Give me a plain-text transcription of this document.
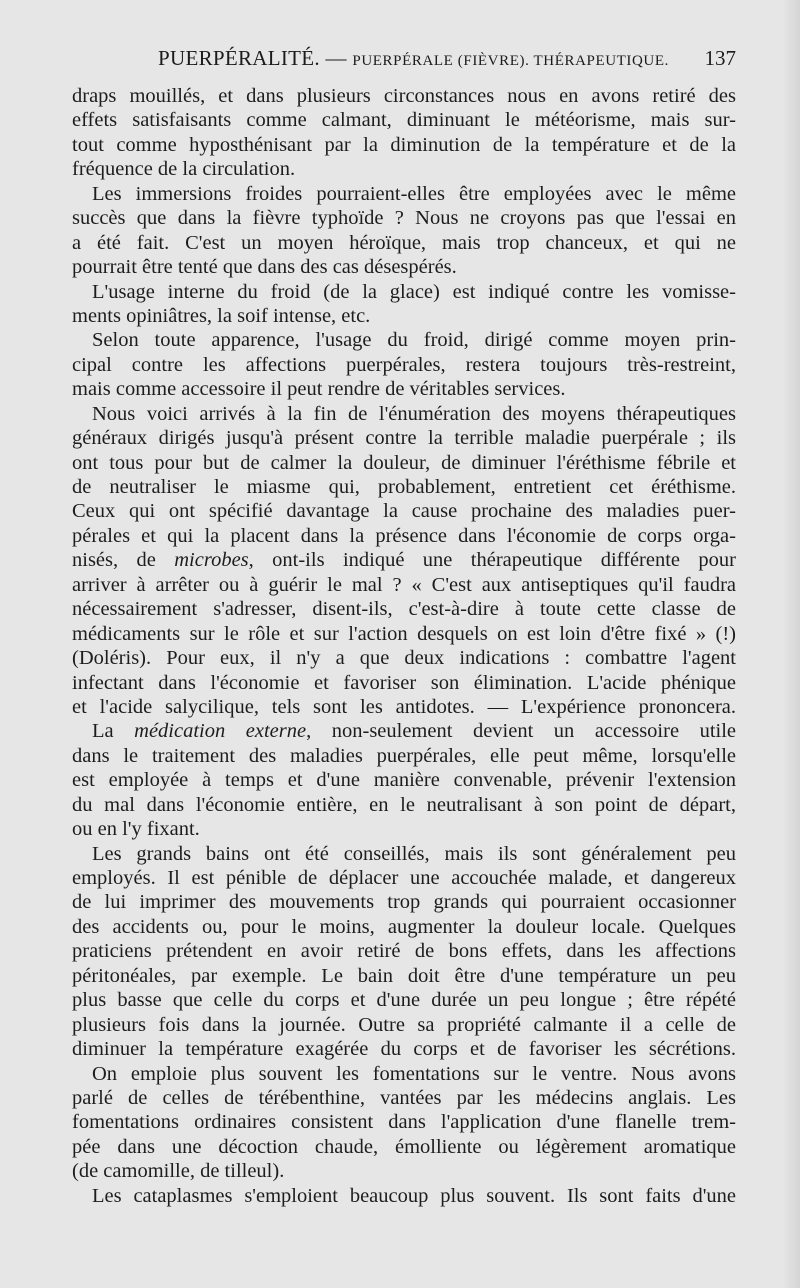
PUERPÉRALITÉ. — PUERPÉRALE (FIÈVRE). THÉRAPEUTIQUE. 137
draps mouillés, et dans plusieurs circonstances nous en avons retiré des
effets satisfaisants comme calmant, diminuant le météorisme, mais sur-
tout comme hyposthénisant par la diminution de la température et de la
fréquence de la circulation.
Les immersions froides pourraient-elles être employées avec le même
succès que dans la fièvre typhoïde ? Nous ne croyons pas que l'essai en
a été fait. C'est un moyen héroïque, mais trop chanceux, et qui ne
pourrait être tenté que dans des cas désespérés.
L'usage interne du froid (de la glace) est indiqué contre les vomisse-
ments opiniâtres, la soif intense, etc.
Selon toute apparence, l'usage du froid, dirigé comme moyen prin-
cipal contre les affections puerpérales, restera toujours très-restreint,
mais comme accessoire il peut rendre de véritables services.
Nous voici arrivés à la fin de l'énumération des moyens thérapeutiques
généraux dirigés jusqu'à présent contre la terrible maladie puerpérale ; ils
ont tous pour but de calmer la douleur, de diminuer l'éréthisme fébrile et
de neutraliser le miasme qui, probablement, entretient cet éréthisme.
Ceux qui ont spécifié davantage la cause prochaine des maladies puer-
pérales et qui la placent dans la présence dans l'économie de corps orga-
nisés, de microbes, ont-ils indiqué une thérapeutique différente pour
arriver à arrêter ou à guérir le mal ? « C'est aux antiseptiques qu'il faudra
nécessairement s'adresser, disent-ils, c'est-à-dire à toute cette classe de
médicaments sur le rôle et sur l'action desquels on est loin d'être fixé » (!)
(Doléris). Pour eux, il n'y a que deux indications : combattre l'agent
infectant dans l'économie et favoriser son élimination. L'acide phénique
et l'acide salycilique, tels sont les antidotes. — L'expérience prononcera.
La médication externe, non-seulement devient un accessoire utile
dans le traitement des maladies puerpérales, elle peut même, lorsqu'elle
est employée à temps et d'une manière convenable, prévenir l'extension
du mal dans l'économie entière, en le neutralisant à son point de départ,
ou en l'y fixant.
Les grands bains ont été conseillés, mais ils sont généralement peu
employés. Il est pénible de déplacer une accouchée malade, et dangereux
de lui imprimer des mouvements trop grands qui pourraient occasionner
des accidents ou, pour le moins, augmenter la douleur locale. Quelques
praticiens prétendent en avoir retiré de bons effets, dans les affections
péritonéales, par exemple. Le bain doit être d'une température un peu
plus basse que celle du corps et d'une durée un peu longue ; être répété
plusieurs fois dans la journée. Outre sa propriété calmante il a celle de
diminuer la température exagérée du corps et de favoriser les sécrétions.
On emploie plus souvent les fomentations sur le ventre. Nous avons
parlé de celles de térébenthine, vantées par les médecins anglais. Les
fomentations ordinaires consistent dans l'application d'une flanelle trem-
pée dans une décoction chaude, émolliente ou légèrement aromatique
(de camomille, de tilleul).
Les cataplasmes s'emploient beaucoup plus souvent. Ils sont faits d'une
